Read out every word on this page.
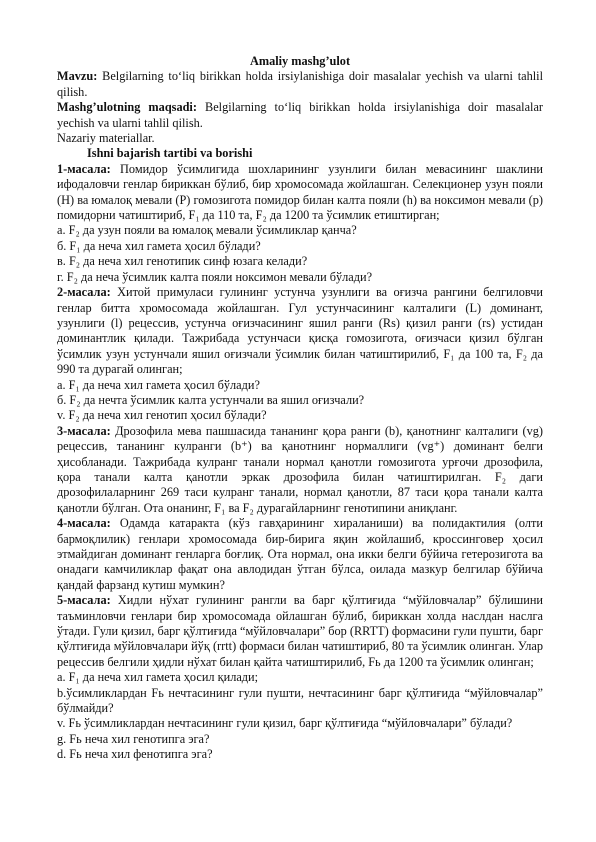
Amaliy mashg’ulot

Mavzu: Belgilarning to‘liq birikkan holda irsiylanishiga doir masalalar yechish va ularni tahlil qilish.

Mashg’ulotning maqsadi: Belgilarning to‘liq birikkan holda irsiylanishiga doir masalalar yechish va ularni tahlil qilish.

Nazariy materiallar.

Ishni bajarish tartibi va borishi

1-масала: Помидор ўсимлигида шохларининг узунлиги билан мевасининг шаклини ифодаловчи генлар бириккан бўлиб, бир хромосомада жойлашган. Селекционер узун пояли (Н) ва юмалоқ мевали (Р) гомозигота помидор билан калта пояли (h) ва ноксимон мевали (p) помидорни чатиштириб, F₁ да 110 та, F₂ да 1200 та ўсимлик етиштирган;

а. F₂ да узун пояли ва юмалоқ мевали ўсимликлар қанча?

б. F₁ да неча хил гамета ҳосил бўлади?

в. F₂ да неча хил генотипик синф юзага келади?

г. F₂ да неча ўсимлик калта пояли ноксимон мевали бўлади?

2-масала: Хитой примуласи гулининг устунча узунлиги ва оғизча рангини белгиловчи генлар битта хромосомада жойлашган. Гул устунчасининг калталиги (L) доминант, узунлиги (l) рецессив, устунча оғизчасининг яшил ранги (Rs) қизил ранги (rs) устидан доминантлик қилади. Тажрибада устунчаси қисқа гомозигота, оғизчаси қизил бўлган ўсимлик узун устунчали яшил оғизчали ўсимлик билан чатиштирилиб, F₁ да 100 та, F₂ да 990 та дурагай олинган;

а. F₁ да неча хил гамета ҳосил бўлади?

б. F₂ да нечта ўсимлик калта устунчали ва яшил оғизчали?

v. F₂ да неча хил генотип ҳосил бўлади?

3-масала: Дрозофила мева пашшасида тананинг қора ранги (b), қанотнинг калталиги (vg) рецессив, тананинг кулранги (b⁺) ва қанотнинг нормаллиги (vg⁺) доминант белги ҳисобланади. Тажрибада кулранг танали нормал қанотли гомозигота урғочи дрозофила, қора танали калта қанотли эркак дрозофила билан чатиштирилган. F₂ даги дрозофилаларнинг 269 таси кулранг танали, нормал қанотли, 87 таси қора танали калта қанотли бўлган. Ота онанинг, F₁ ва F₂ дурагайларнинг генотипини аниқланг.

4-масала: Одамда катаракта (кўз гавҳарининг хираланиши) ва полидактилия (олти бармоқлилик) генлари хромосомада бир-бирига яқин жойлашиб, кроссинговер ҳосил этмайдиган доминант генларга боғлиқ. Ота нормал, она икки белги бўйича гетерозигота ва онадаги камчиликлар фақат она авлодидан ўтган бўлса, оилада мазкур белгилар бўйича қандай фарзанд кутиш мумкин?

5-масала: Хидли нўхат гулининг рангли ва барг қўлтиғида “мўйловчалар” бўлишини таъминловчи генлари бир хромосомада ойлашган бўлиб, бириккан холда наслдан наслга ўтади. Гули қизил, барг қўлтиғида “мўйловчалари” бор (RRTT) формасини гули пушти, барг қўлтиғида мўйловчалари йўқ (rrtt) формаси билан чатиштириб, 80 та ўсимлик олинган. Улар рецессив белгили ҳидли нўхат билан қайта чатиштирилиб, Fь да 1200 та ўсимлик олинган;

а. F₁ да неча хил гамета ҳосил қилади;

b.ўсимликлардан Fь нечтасининг гули пушти, нечтасининг барг қўлтиғида “мўйловчалар” бўлмайди?

v. Fь ўсимликлардан нечтасининг гули қизил, барг қўлтиғида “мўйловчалари” бўлади?

g. Fь неча хил генотипга эга?

d. Fь неча хил фенотипга эга?
